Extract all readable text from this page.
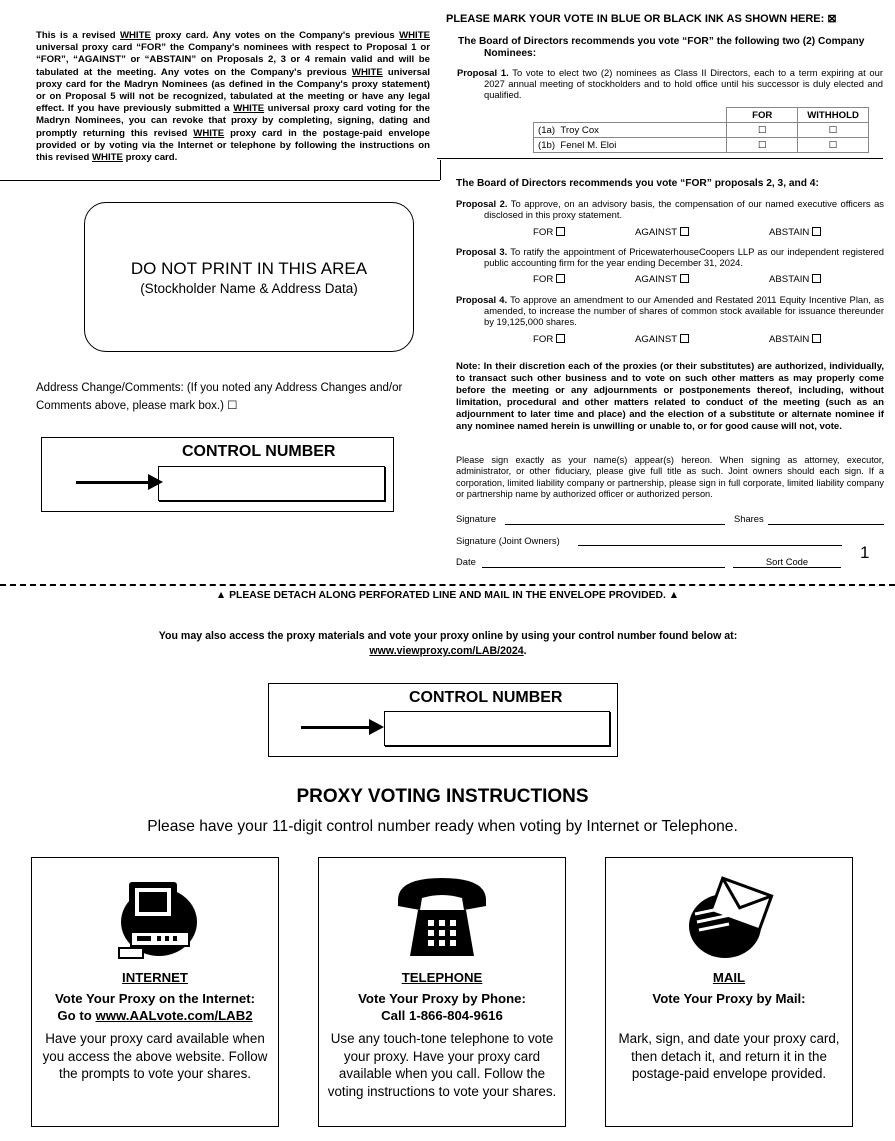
This is a revised WHITE proxy card. Any votes on the Company's previous WHITE universal proxy card “FOR” the Company's nominees with respect to Proposal 1 or “FOR”, “AGAINST” or “ABSTAIN” on Proposals 2, 3 or 4 remain valid and will be tabulated at the meeting. Any votes on the Company's previous WHITE universal proxy card for the Madryn Nominees (as defined in the Company's proxy statement) or on Proposal 5 will not be recognized, tabulated at the meeting or have any legal effect. If you have previously submitted a WHITE universal proxy card voting for the Madryn Nominees, you can revoke that proxy by completing, signing, dating and promptly returning this revised WHITE proxy card in the postage-paid envelope provided or by voting via the Internet or telephone by following the instructions on this revised WHITE proxy card.
PLEASE MARK YOUR VOTE IN BLUE OR BLACK INK AS SHOWN HERE: ⊠
The Board of Directors recommends you vote “FOR” the following two (2) Company Nominees:
Proposal 1. To vote to elect two (2) nominees as Class II Directors, each to a term expiring at our 2027 annual meeting of stockholders and to hold office until his successor is duly elected and qualified.
	FOR	WITHHOLD
(1a) Troy Cox	☐	☐
(1b) Fenel M. Eloi	☐	☐
The Board of Directors recommends you vote “FOR” proposals 2, 3, and 4:
Proposal 2. To approve, on an advisory basis, the compensation of our named executive officers as disclosed in this proxy statement.
FOR	AGAINST	ABSTAIN
Proposal 3. To ratify the appointment of PricewaterhouseCoopers LLP as our independent registered public accounting firm for the year ending December 31, 2024.
FOR	AGAINST	ABSTAIN
Proposal 4. To approve an amendment to our Amended and Restated 2011 Equity Incentive Plan, as amended, to increase the number of shares of common stock available for issuance thereunder by 19,125,000 shares.
FOR	AGAINST	ABSTAIN
Note: In their discretion each of the proxies (or their substitutes) are authorized, individually, to transact such other business and to vote on such other matters as may properly come before the meeting or any adjournments or postponements thereof, including, without limitation, procedural and other matters related to conduct of the meeting (such as an adjournment to later time and place) and the election of a substitute or alternate nominee if any nominee named herein is unwilling or unable to, or for good cause will not, vote.
Please sign exactly as your name(s) appear(s) hereon. When signing as attorney, executor, administrator, or other fiduciary, please give full title as such. Joint owners should each sign. If a corporation, limited liability company or partnership, please sign in full corporate, limited liability company or partnership name by authorized officer or authorized person.
Signature	Shares
Signature (Joint Owners)
Date	Sort Code	1
DO NOT PRINT IN THIS AREA
(Stockholder Name & Address Data)
Address Change/Comments: (If you noted any Address Changes and/or Comments above, please mark box.) ☐
CONTROL NUMBER
▲ PLEASE DETACH ALONG PERFORATED LINE AND MAIL IN THE ENVELOPE PROVIDED. ▲
You may also access the proxy materials and vote your proxy online by using your control number found below at:
www.viewproxy.com/LAB/2024.
CONTROL NUMBER
PROXY VOTING INSTRUCTIONS
Please have your 11-digit control number ready when voting by Internet or Telephone.
INTERNET
Vote Your Proxy on the Internet:
Go to www.AALvote.com/LAB2
Have your proxy card available when you access the above website. Follow the prompts to vote your shares.
TELEPHONE
Vote Your Proxy by Phone:
Call 1-866-804-9616
Use any touch-tone telephone to vote your proxy. Have your proxy card available when you call. Follow the voting instructions to vote your shares.
MAIL
Vote Your Proxy by Mail:
Mark, sign, and date your proxy card, then detach it, and return it in the postage-paid envelope provided.
